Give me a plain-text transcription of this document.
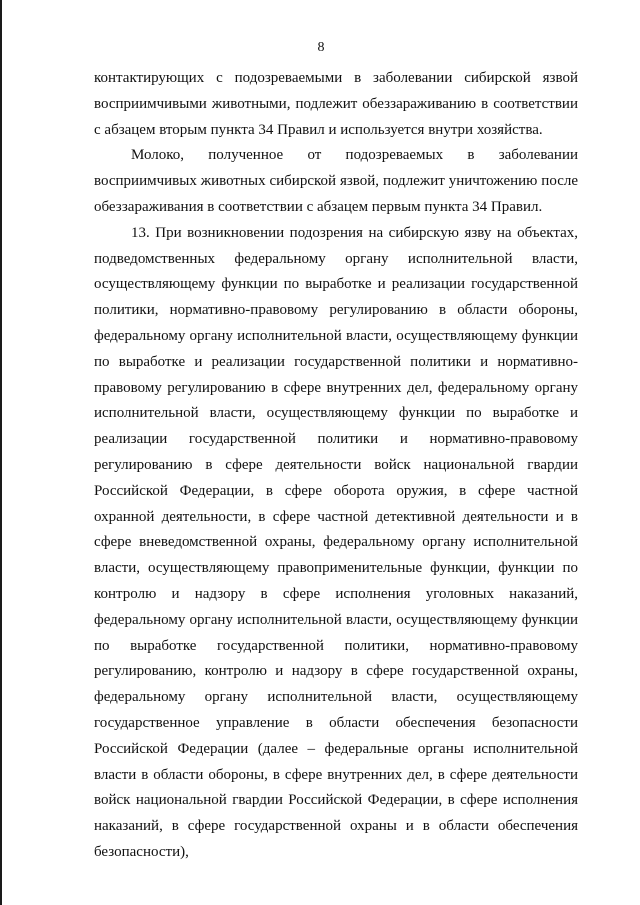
8

контактирующих с подозреваемыми в заболевании сибирской язвой восприимчивыми животными, подлежит обеззараживанию в соответствии с абзацем вторым пункта 34 Правил и используется внутри хозяйства.

Молоко, полученное от подозреваемых в заболевании восприимчивых животных сибирской язвой, подлежит уничтожению после обеззараживания в соответствии с абзацем первым пункта 34 Правил.

13. При возникновении подозрения на сибирскую язву на объектах, подведомственных федеральному органу исполнительной власти, осуществляющему функции по выработке и реализации государственной политики, нормативно-правовому регулированию в области обороны, федеральному органу исполнительной власти, осуществляющему функции по выработке и реализации государственной политики и нормативно-правовому регулированию в сфере внутренних дел, федеральному органу исполнительной власти, осуществляющему функции по выработке и реализации государственной политики и нормативно-правовому регулированию в сфере деятельности войск национальной гвардии Российской Федерации, в сфере оборота оружия, в сфере частной охранной деятельности, в сфере частной детективной деятельности и в сфере вневедомственной охраны, федеральному органу исполнительной власти, осуществляющему правоприменительные функции, функции по контролю и надзору в сфере исполнения уголовных наказаний, федеральному органу исполнительной власти, осуществляющему функции по выработке государственной политики, нормативно-правовому регулированию, контролю и надзору в сфере государственной охраны, федеральному органу исполнительной власти, осуществляющему государственное управление в области обеспечения безопасности Российской Федерации (далее – федеральные органы исполнительной власти в области обороны, в сфере внутренних дел, в сфере деятельности войск национальной гвардии Российской Федерации, в сфере исполнения наказаний, в сфере государственной охраны и в области обеспечения безопасности),
